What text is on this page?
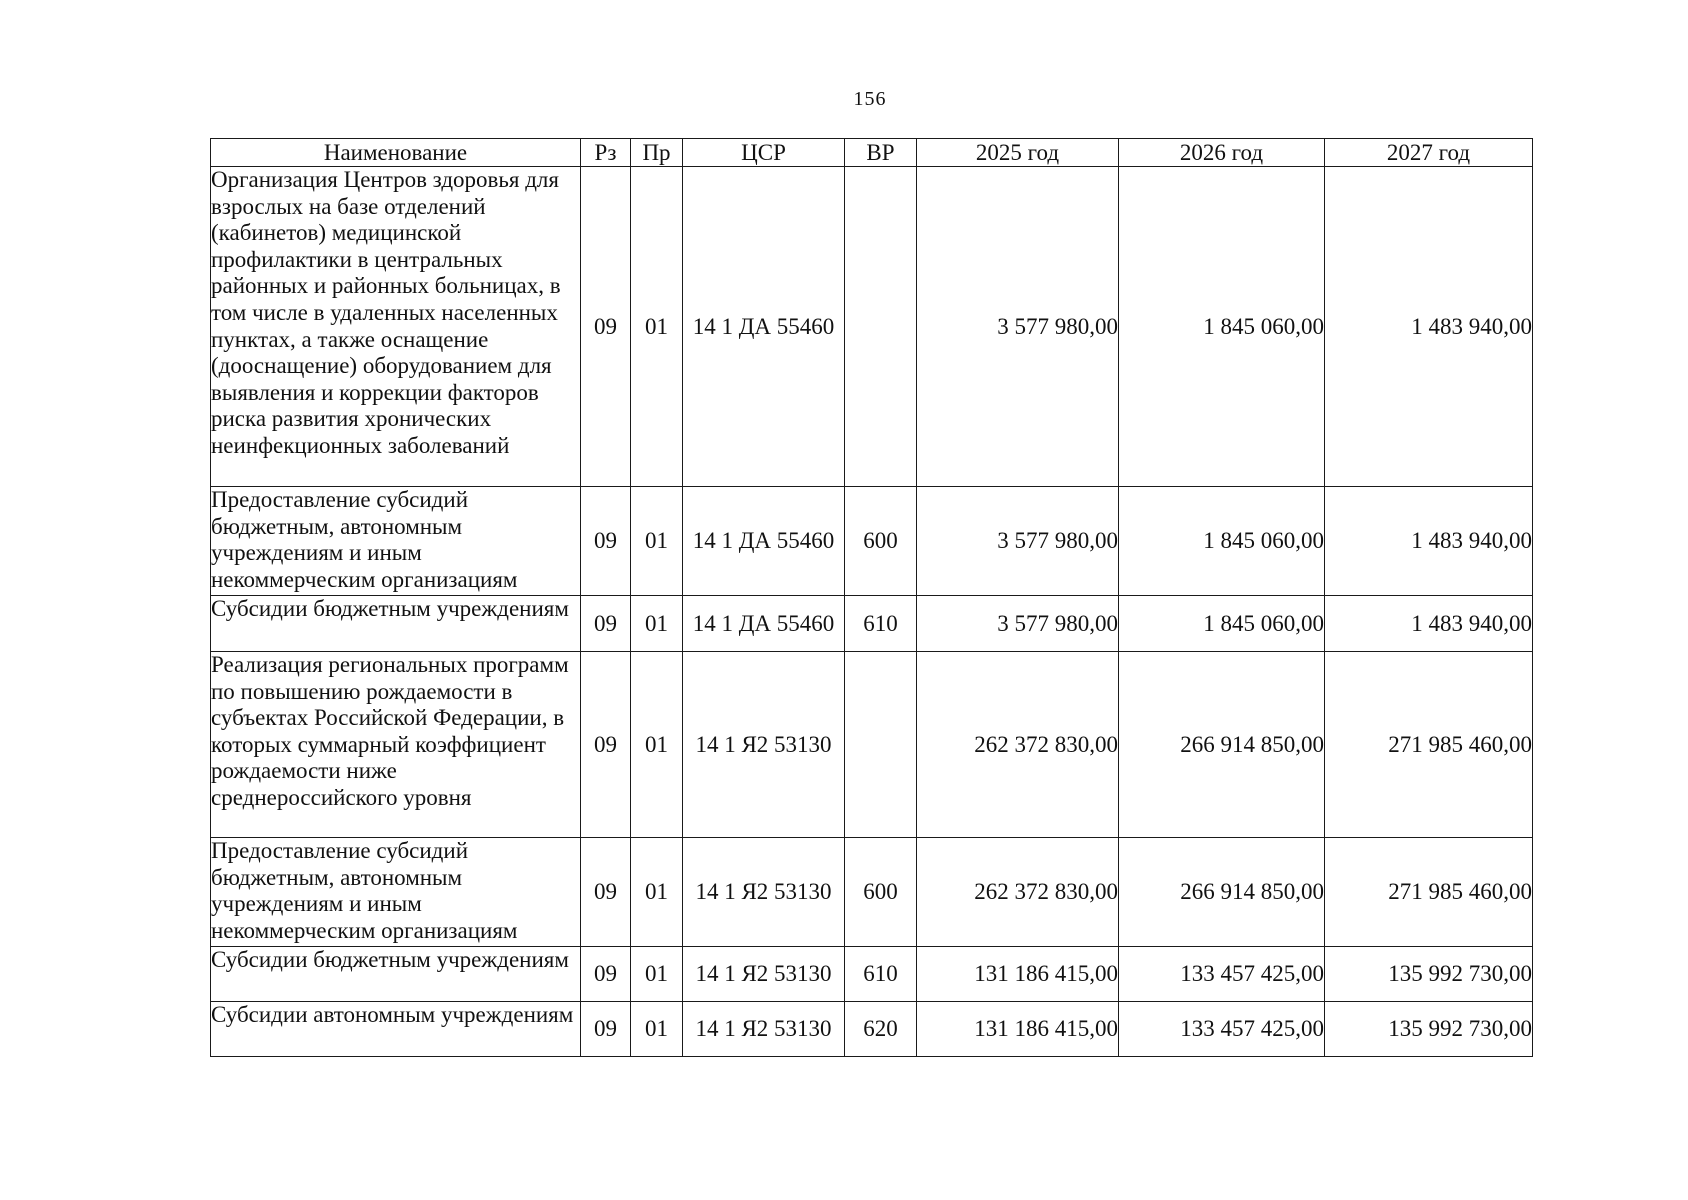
156
Наименование	Рз	Пр	ЦСР	ВР	2025 год	2026 год	2027 год
Организация Центров здоровья для взрослых на базе отделений (кабинетов) медицинской профилактики в центральных районных и районных больницах, в том числе в удаленных населенных пунктах, а также оснащение (дооснащение) оборудованием для выявления и коррекции факторов риска развития хронических неинфекционных заболеваний	09	01	14 1 ДА 55460		3 577 980,00	1 845 060,00	1 483 940,00
Предоставление субсидий бюджетным, автономным учреждениям и иным некоммерческим организациям	09	01	14 1 ДА 55460	600	3 577 980,00	1 845 060,00	1 483 940,00
Субсидии бюджетным учреждениям	09	01	14 1 ДА 55460	610	3 577 980,00	1 845 060,00	1 483 940,00
Реализация региональных программ по повышению рождаемости в субъектах Российской Федерации, в которых суммарный коэффициент рождаемости ниже среднероссийского уровня	09	01	14 1 Я2 53130		262 372 830,00	266 914 850,00	271 985 460,00
Предоставление субсидий бюджетным, автономным учреждениям и иным некоммерческим организациям	09	01	14 1 Я2 53130	600	262 372 830,00	266 914 850,00	271 985 460,00
Субсидии бюджетным учреждениям	09	01	14 1 Я2 53130	610	131 186 415,00	133 457 425,00	135 992 730,00
Субсидии автономным учреждениям	09	01	14 1 Я2 53130	620	131 186 415,00	133 457 425,00	135 992 730,00
